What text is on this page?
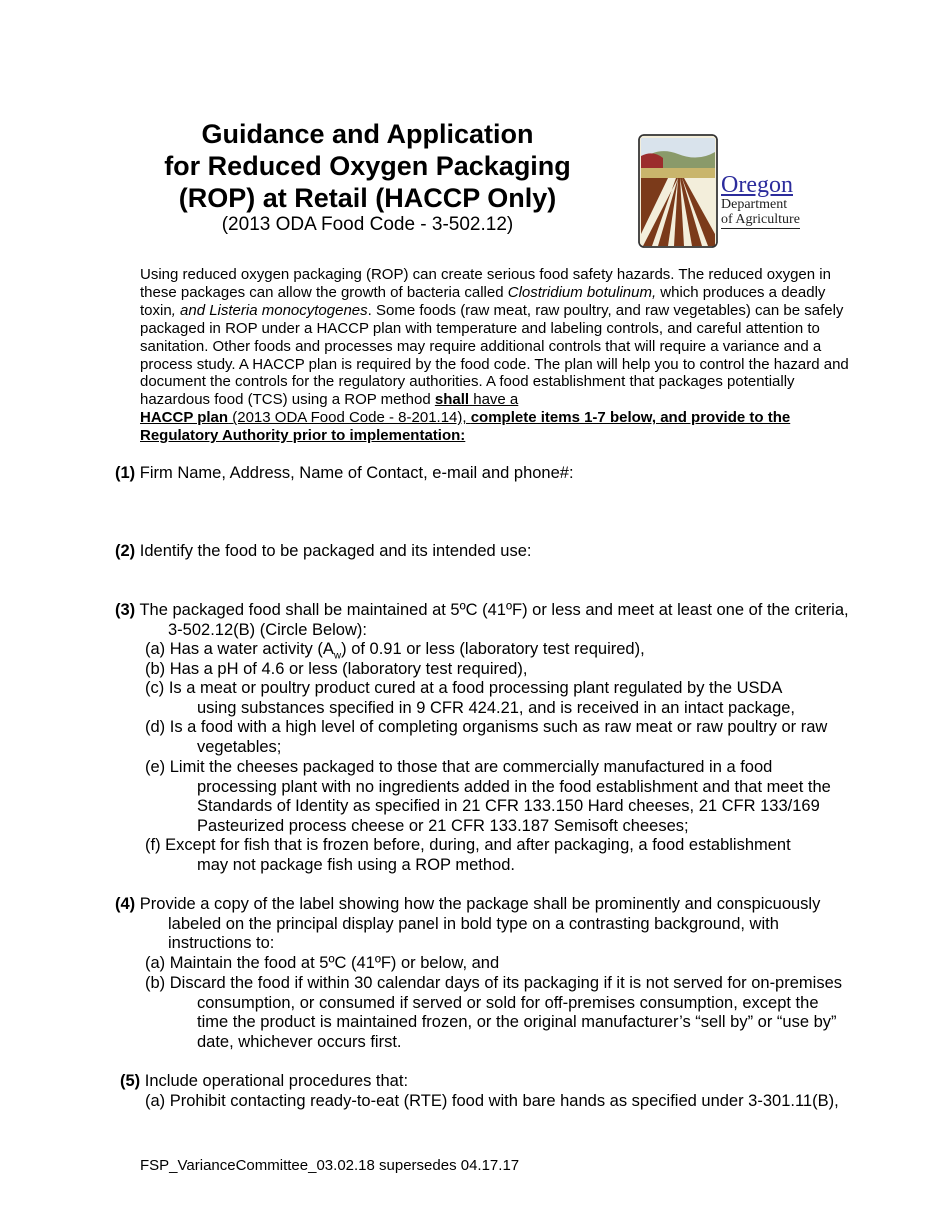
Guidance and Application
for Reduced Oxygen Packaging
(ROP) at Retail (HACCP Only)
(2013 ODA Food Code - 3-502.12)
Oregon
Department
of Agriculture
Using reduced oxygen packaging (ROP) can create serious food safety hazards. The reduced oxygen in these packages can allow the growth of bacteria called Clostridium botulinum, which produces a deadly toxin, and Listeria monocytogenes. Some foods (raw meat, raw poultry, and raw vegetables) can be safely packaged in ROP under a HACCP plan with temperature and labeling controls, and careful attention to sanitation. Other foods and processes may require additional controls that will require a variance and a process study. A HACCP plan is required by the food code. The plan will help you to control the hazard and document the controls for the regulatory authorities. A food establishment that packages potentially hazardous food (TCS) using a ROP method shall have a
HACCP plan (2013 ODA Food Code - 8-201.14), complete items 1-7 below, and provide to the Regulatory Authority prior to implementation:
(1) Firm Name, Address, Name of Contact, e-mail and phone#:
(2) Identify the food to be packaged and its intended use:
(3) The packaged food shall be maintained at 5ºC (41ºF) or less and meet at least one of the criteria, 3-502.12(B) (Circle Below):
(a) Has a water activity $(A_w)$ of 0.91 or less (laboratory test required),
(b) Has a pH of 4.6 or less (laboratory test required),
(c) Is a meat or poultry product cured at a food processing plant regulated by the USDA using substances specified in 9 CFR 424.21, and is received in an intact package,
(d) Is a food with a high level of completing organisms such as raw meat or raw poultry or raw vegetables;
(e) Limit the cheeses packaged to those that are commercially manufactured in a food processing plant with no ingredients added in the food establishment and that meet the Standards of Identity as specified in 21 CFR 133.150 Hard cheeses, 21 CFR 133/169 Pasteurized process cheese or 21 CFR 133.187 Semisoft cheeses;
(f) Except for fish that is frozen before, during, and after packaging, a food establishment may not package fish using a ROP method.
(4) Provide a copy of the label showing how the package shall be prominently and conspicuously labeled on the principal display panel in bold type on a contrasting background, with instructions to:
(a) Maintain the food at 5ºC (41ºF) or below, and
(b) Discard the food if within 30 calendar days of its packaging if it is not served for on-premises consumption, or consumed if served or sold for off-premises consumption, except the time the product is maintained frozen, or the original manufacturer’s “sell by” or “use by” date, whichever occurs first.
(5) Include operational procedures that:
(a) Prohibit contacting ready-to-eat (RTE) food with bare hands as specified under 3-301.11(B),
FSP_VarianceCommittee_03.02.18 supersedes 04.17.17
